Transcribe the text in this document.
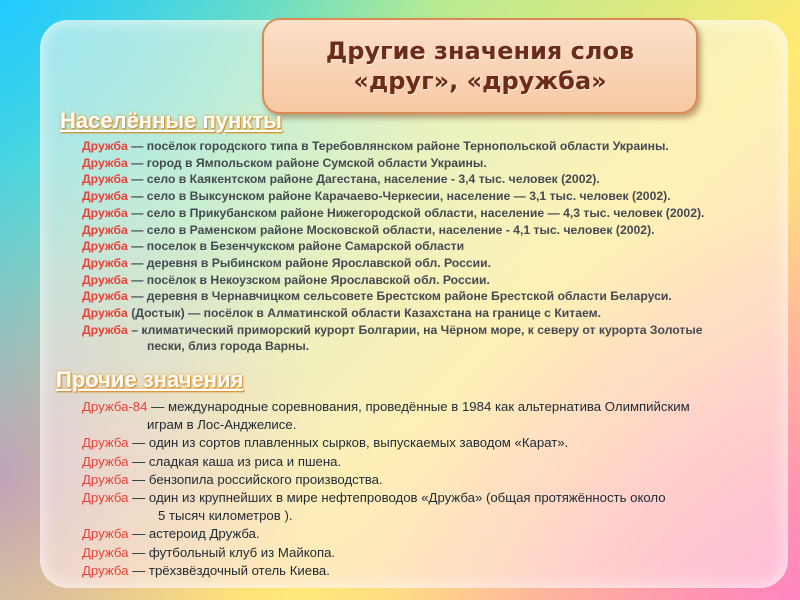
Другие значения слов
«друг», «дружба»
Населённые пункты
Дружба — посёлок городского типа в Теребовлянском районе Тернопольской области Украины.
Дружба — город в Ямпольском районе Сумской области Украины.
Дружба — село в Каякентском районе Дагестана, население - 3,4 тыс. человек (2002).
Дружба — село в Выксунском районе Карачаево-Черкесии, население — 3,1 тыс. человек (2002).
Дружба — село в Прикубанском районе Нижегородской области, население — 4,3 тыс. человек (2002).
Дружба — село в Раменском районе Московской области, население - 4,1 тыс. человек (2002).
Дружба — поселок в Безенчукском районе Самарской области
Дружба — деревня в Рыбинском районе Ярославской обл. России.
Дружба — посёлок в Некоузском районе Ярославской обл. России.
Дружба — деревня в Чернавчицком сельсовете Брестском районе Брестской области Беларуси.
Дружба (Достык) — посёлок в Алматинской области Казахстана на границе с Китаем.
Дружба – климатический приморский курорт Болгарии, на Чёрном море, к северу от курорта Золотые
пески, близ города Варны.
Прочие значения
Дружба-84 — международные соревнования, проведённые в 1984 как альтернатива Олимпийским
играм в Лос-Анджелисе.
Дружба — один из сортов плавленных сырков, выпускаемых заводом «Карат».
Дружба — сладкая каша из риса и пшена.
Дружба — бензопила российского производства.
Дружба — один из крупнейших в мире нефтепроводов «Дружба» (общая протяжённость около
5 тысяч километров ).
Дружба — астероид Дружба.
Дружба — футбольный клуб из Майкопа.
Дружба — трёхзвёздочный отель Киева.
